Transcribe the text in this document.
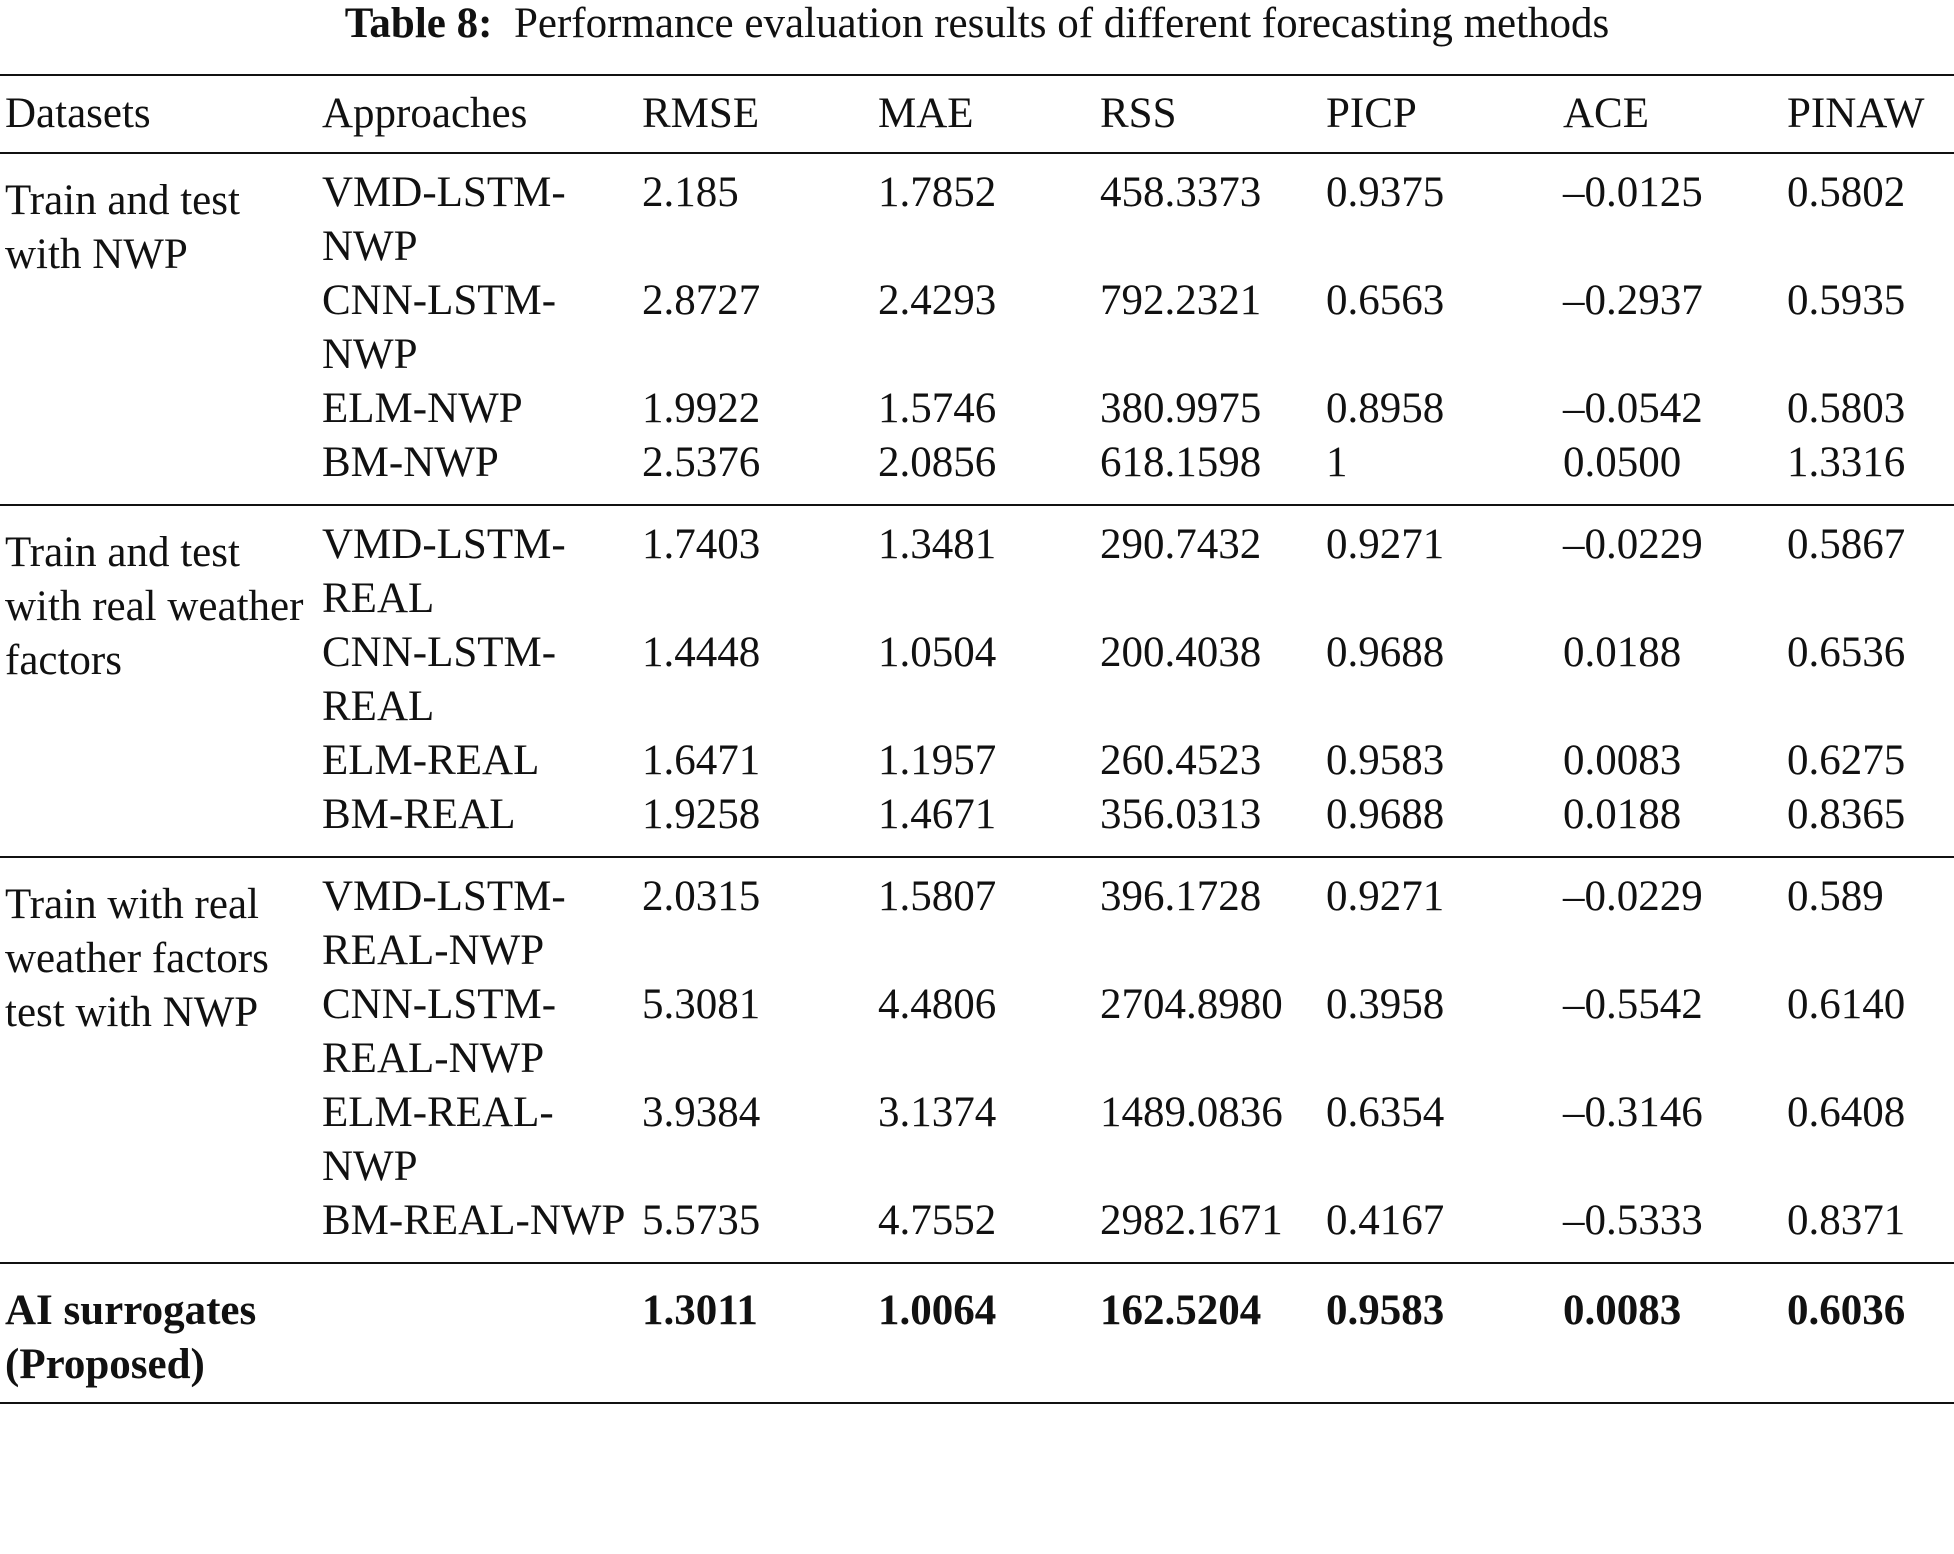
Table 8: Performance evaluation results of different forecasting methods
Datasets	Approaches	RMSE	MAE	RSS	PICP	ACE	PINAW
Train and test with NWP	VMD-LSTM-NWP	2.185	1.7852	458.3373	0.9375	–0.0125	0.5802
	CNN-LSTM-NWP	2.8727	2.4293	792.2321	0.6563	–0.2937	0.5935
	ELM-NWP	1.9922	1.5746	380.9975	0.8958	–0.0542	0.5803
	BM-NWP	2.5376	2.0856	618.1598	1	0.0500	1.3316
Train and test with real weather factors	VMD-LSTM-REAL	1.7403	1.3481	290.7432	0.9271	–0.0229	0.5867
	CNN-LSTM-REAL	1.4448	1.0504	200.4038	0.9688	0.0188	0.6536
	ELM-REAL	1.6471	1.1957	260.4523	0.9583	0.0083	0.6275
	BM-REAL	1.9258	1.4671	356.0313	0.9688	0.0188	0.8365
Train with real weather factors test with NWP	VMD-LSTM-REAL-NWP	2.0315	1.5807	396.1728	0.9271	–0.0229	0.589
	CNN-LSTM-REAL-NWP	5.3081	4.4806	2704.8980	0.3958	–0.5542	0.6140
	ELM-REAL-NWP	3.9384	3.1374	1489.0836	0.6354	–0.3146	0.6408
	BM-REAL-NWP	5.5735	4.7552	2982.1671	0.4167	–0.5333	0.8371
AI surrogates (Proposed)		1.3011	1.0064	162.5204	0.9583	0.0083	0.6036
